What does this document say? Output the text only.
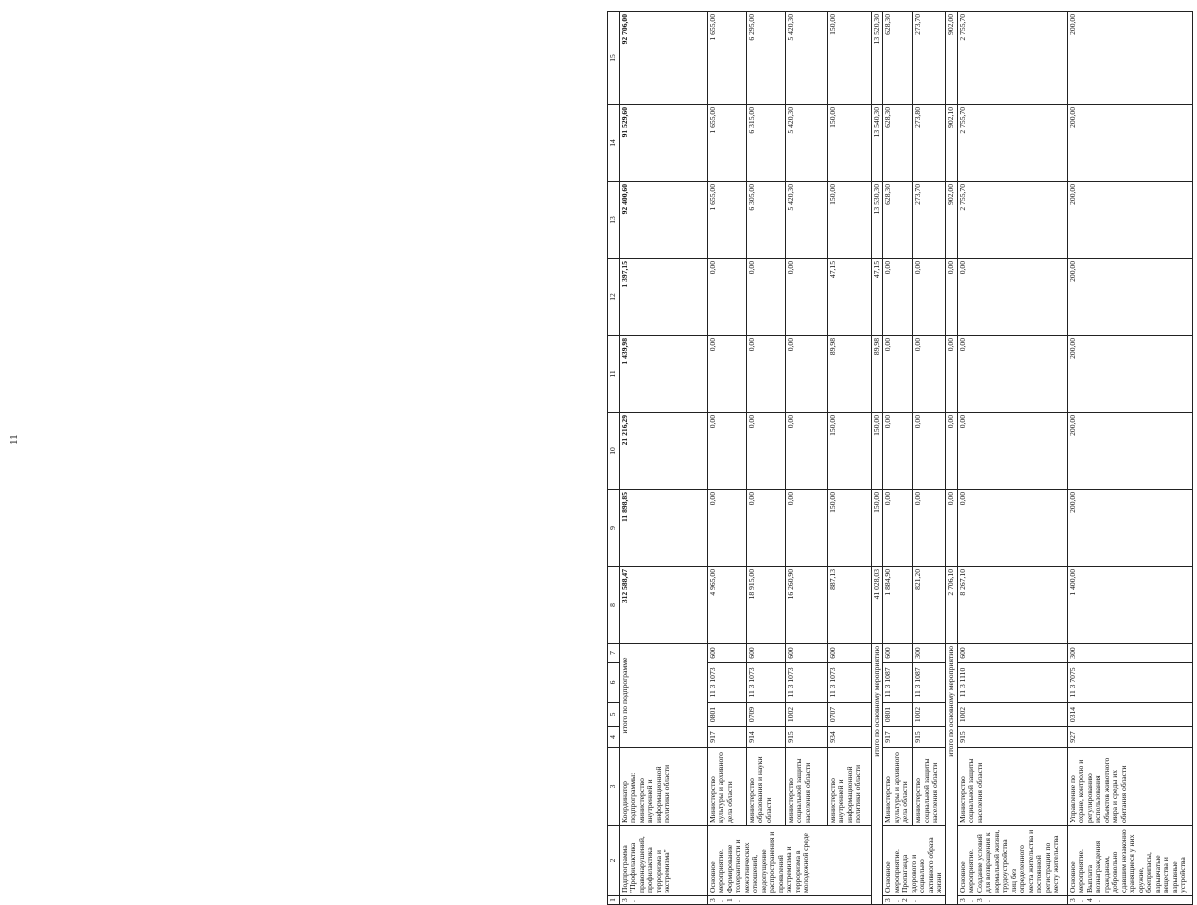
11
1	2	3	4	5	6	7	8	9	10	11	12	13	14	15
3.	Подпрограмма "Профилактика правонарушений, профилактика терроризма и экстремизма"	Координатор подпрограммы: министерство внутренней и информационной политики области	итого по подпрограмме				312 588,47	11 898,85	21 216,29	1 439,98	1 397,15	92 400,60	91 529,60	92 706,00
3.1.	Основное мероприятие. Формирование толерантности и межэтнических отношений, недопущение распространения и проявлений экстремизма и терроризма в молодежной среде	Министерство культуры и архивного дела области	917	0801	11 3 1073	600	4 965,00	0,00	0,00	0,00	0,00	1 655,00	1 655,00	1 655,00
		министерство образования и науки области	914	0709	11 3 1073	600	18 915,00	0,00	0,00	0,00	0,00	6 305,00	6 315,00	6 295,00
		министерство социальной защиты населения области	915	1002	11 3 1073	600	16 260,90	0,00	0,00	0,00	0,00	5 420,30	5 420,30	5 420,30
		министерство внутренней и информационной политики области	934	0707	11 3 1073	600	887,13	150,00	150,00	89,98	47,15	150,00	150,00	150,00
итого по основному мероприятию							41 028,03	150,00	150,00	89,98	47,15	13 530,30	13 540,30	13 520,30
3.2.	Основное мероприятие. Пропаганда здорового и социально активного образа жизни	Министерство культуры и архивного дела области	917	0801	11 3 1087	600	1 884,90	0,00	0,00	0,00	0,00	628,30	628,30	628,30
		министерство социальной защиты населения области	915	1002	11 3 1087	300	821,20	0,00	0,00	0,00	0,00	273,70	273,80	273,70
итого по основному мероприятию							2 706,10	0,00	0,00	0,00	0,00	902,00	902,10	902,00
3.3.	Основное мероприятие. Создание условий для возвращения к нормальной жизни, трудоустройства лиц без определенного места жительства и постоянной регистрации по месту жительства	Министерство социальной защиты населения области	915	1002	11 3 1110	600	8 267,10	0,00	0,00	0,00	0,00	2 755,70	2 755,70	2 755,70
3.4.	Основное мероприятие. Выплата вознаграждения гражданам, добровольно сдавшим незаконно хранящиеся у них оружие, боеприпасы, взрывчатые вещества и взрывные устройства	Управление по охране, контролю и регулированию использования объектов животного мира и среды их обитания области	927	0314	11 3 7075	300	1 400,00	200,00	200,00	200,00	200,00	200,00	200,00	200,00
